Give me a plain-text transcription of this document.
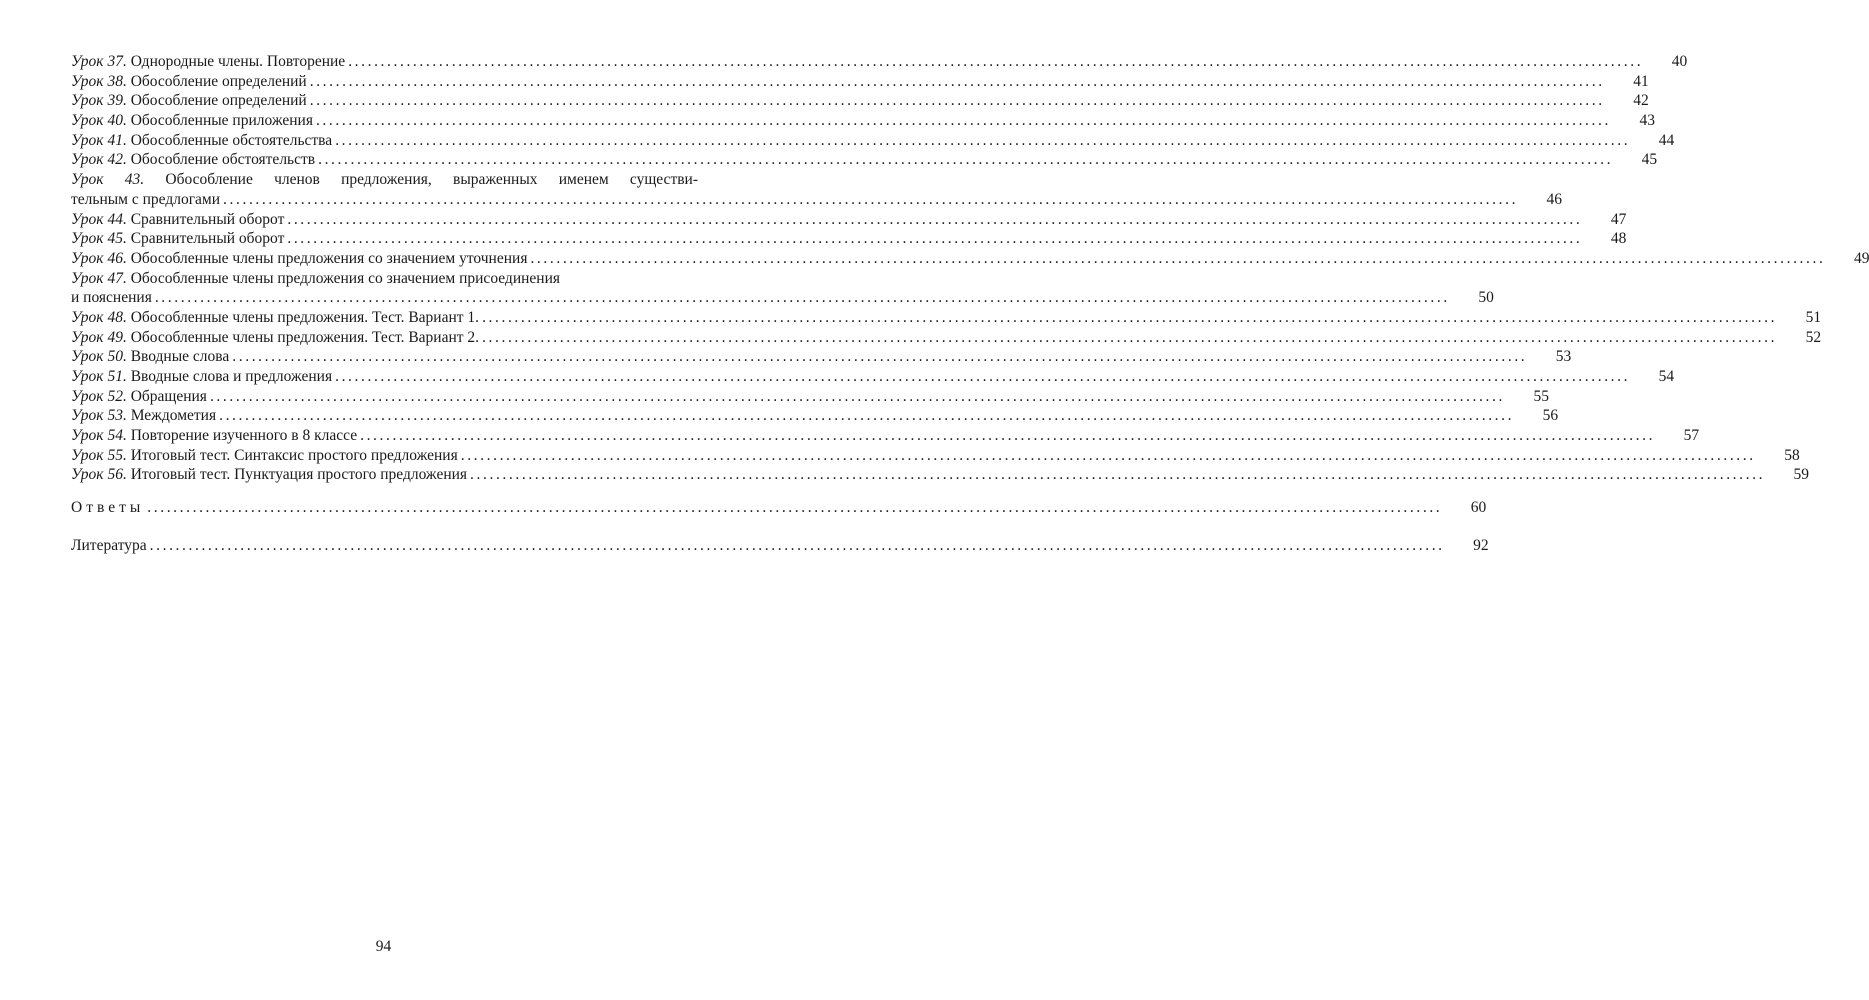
Урок 37.
Однородные члены. Повторение ........................................................................................................................................................................................................	40
Урок 38.
Обособление определений ........................................................................................................................................................................................................	41
Урок 39.
Обособление определений ........................................................................................................................................................................................................	42
Урок 40.
Обособленные приложения ........................................................................................................................................................................................................	43
Урок 41.
Обособленные обстоятельства ........................................................................................................................................................................................................	44
Урок 42.
Обособление обстоятельств ........................................................................................................................................................................................................	45
Урок 43. Обособление членов предложения, выраженных именем существи-
тельным с предлогами ........................................................................................................................................................................................................	46
Урок 44.
Сравнительный оборот ........................................................................................................................................................................................................	47
Урок 45.
Сравнительный оборот ........................................................................................................................................................................................................	48
Урок 46.
Обособленные члены предложения со значением уточнения ........................................................................................................................................................................................................	49
Урок 47.
Обособленные члены предложения со значением присоединения
и пояснения ........................................................................................................................................................................................................	50
Урок 48.
Обособленные члены предложения. Тест. Вариант 1. ........................................................................................................................................................................................................	51
Урок 49.
Обособленные члены предложения. Тест. Вариант 2. ........................................................................................................................................................................................................	52
Урок 50.
Вводные слова ........................................................................................................................................................................................................	53
Урок 51.
Вводные слова и предложения ........................................................................................................................................................................................................	54
Урок 52.
Обращения ........................................................................................................................................................................................................	55
Урок 53.
Междометия ........................................................................................................................................................................................................	56
Урок 54.
Повторение изученного в 8 классе ........................................................................................................................................................................................................	57
Урок 55.
Итоговый тест. Синтаксис простого предложения ........................................................................................................................................................................................................	58
Урок 56.
Итоговый тест. Пунктуация простого предложения ........................................................................................................................................................................................................	59
Ответы ........................................................................................................................................................................................................	60
Литература ........................................................................................................................................................................................................	92
94
